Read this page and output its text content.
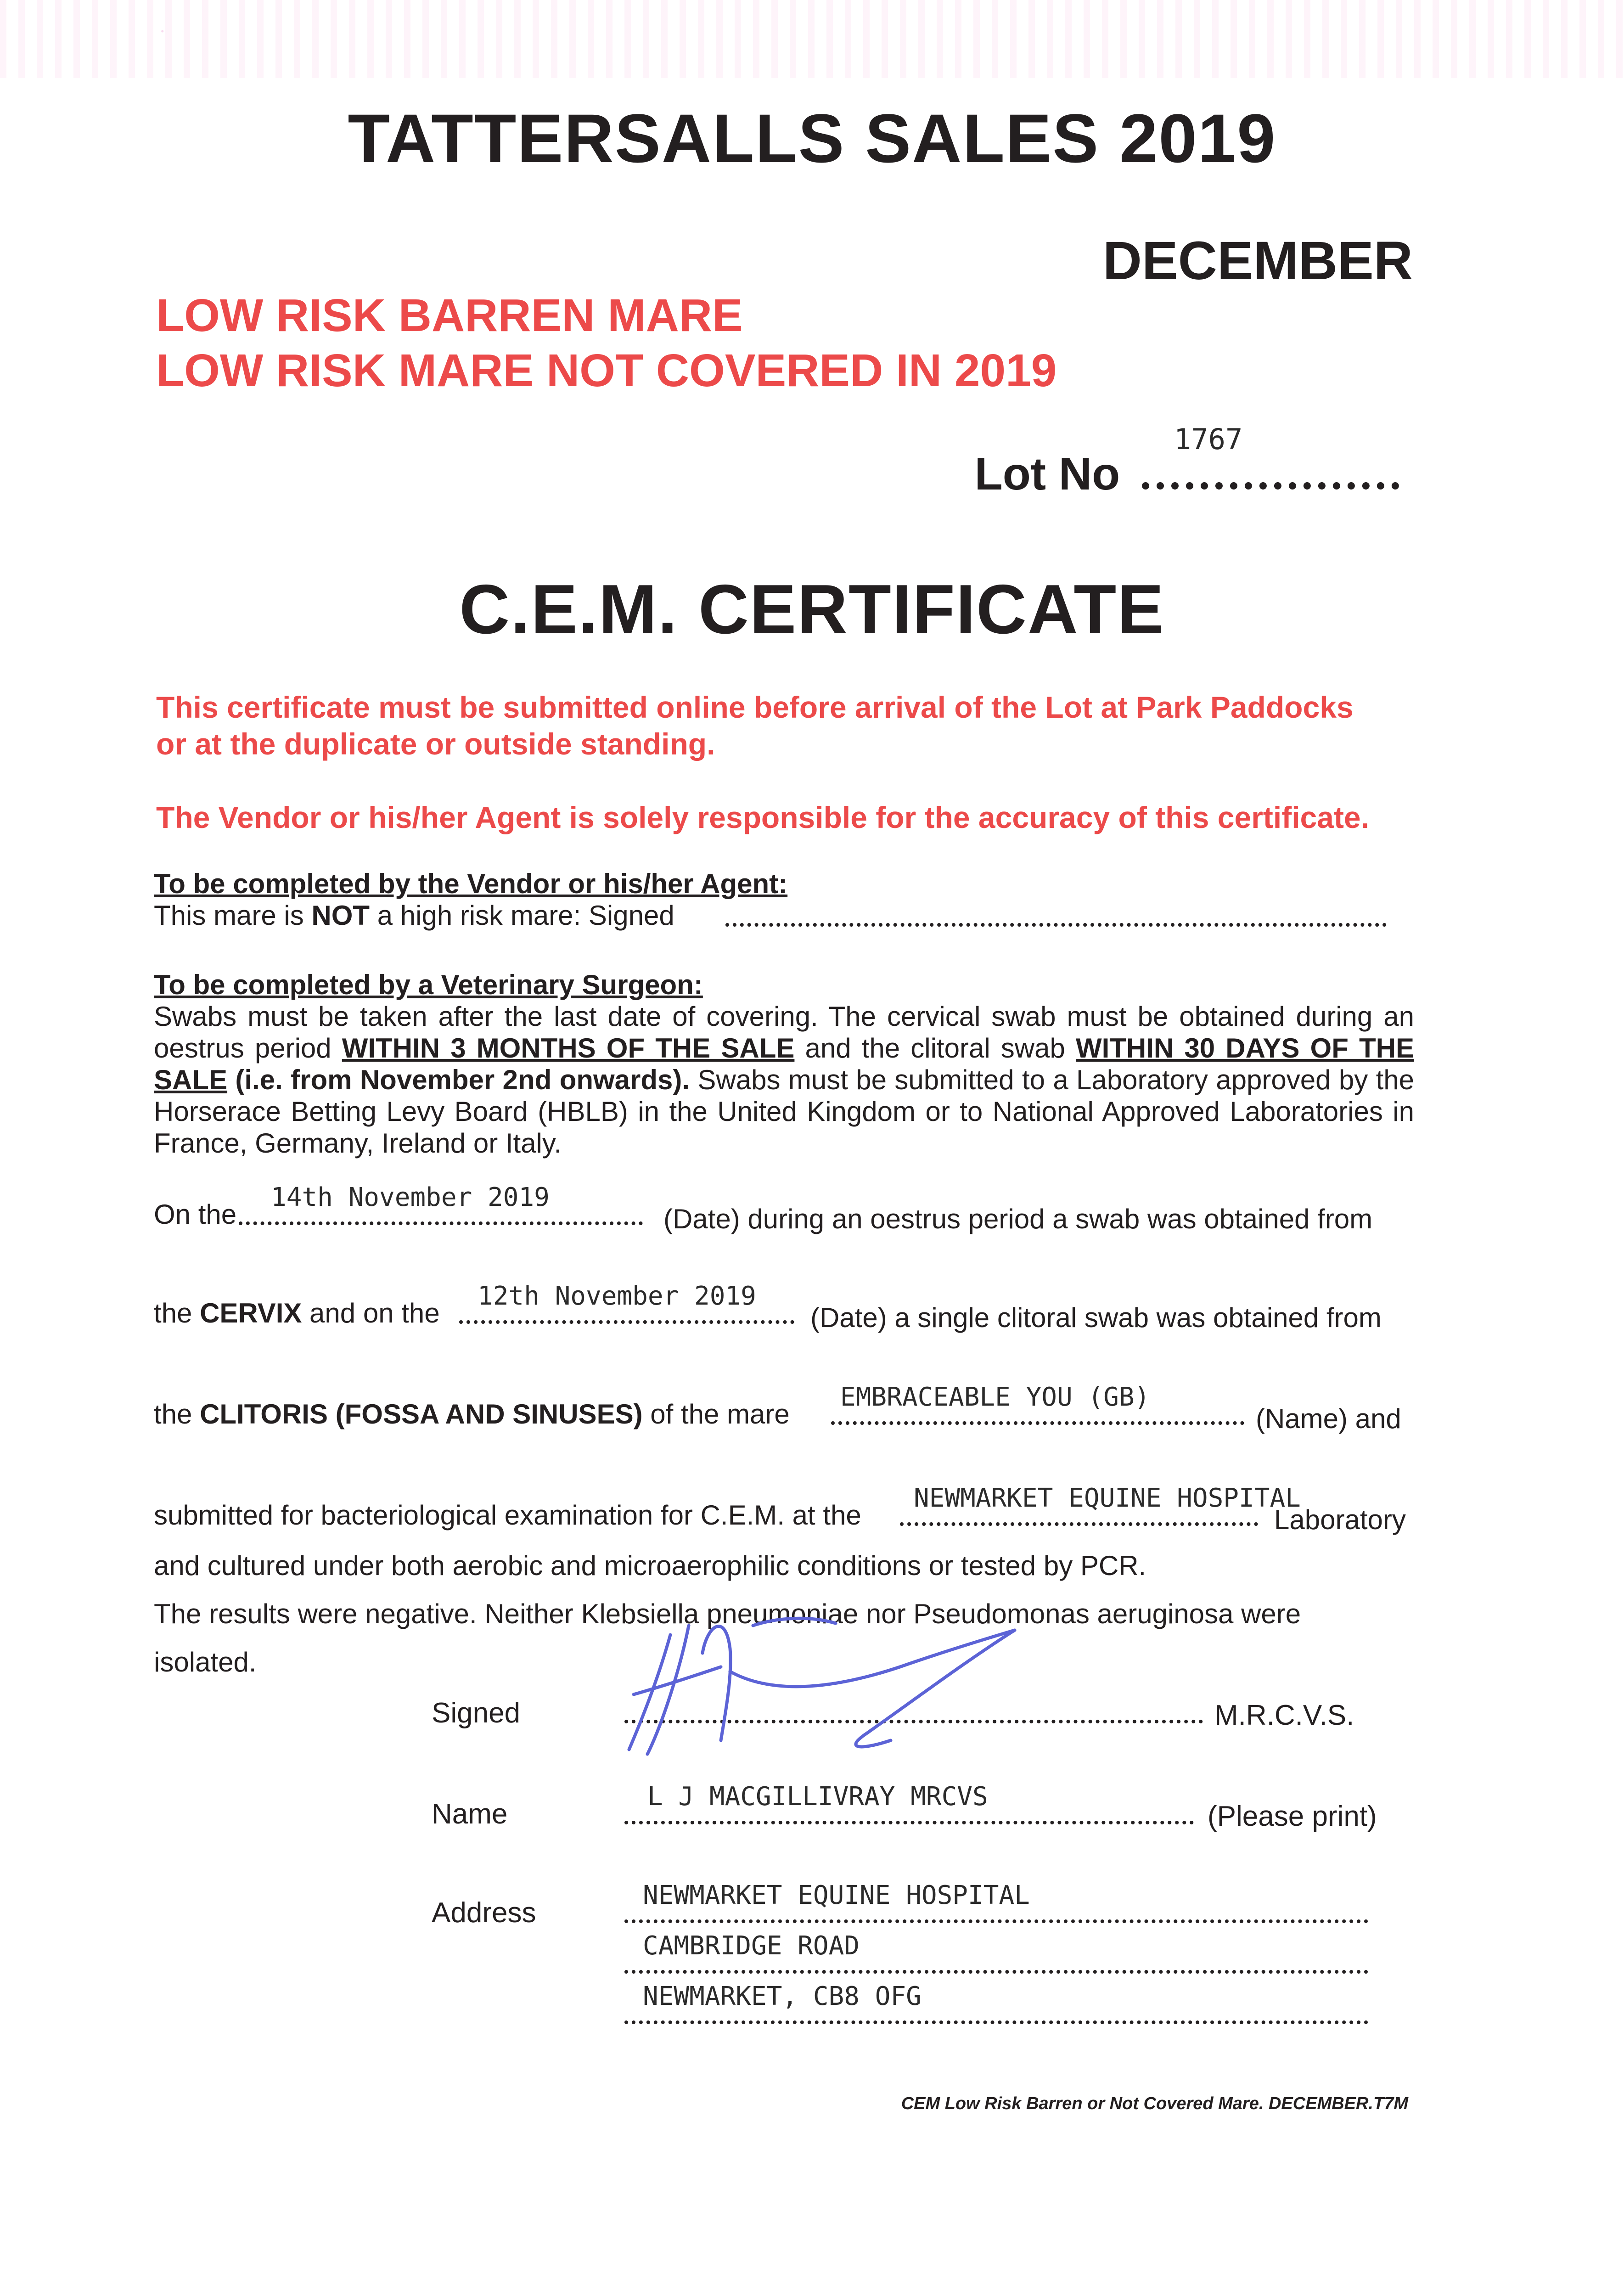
TATTERSALLS SALES 2019
DECEMBER
LOW RISK BARREN MARE
LOW RISK MARE NOT COVERED IN 2019
Lot No
1767
C.E.M. CERTIFICATE
This certificate must be submitted online before arrival of the Lot at Park Paddocks
or at the duplicate or outside standing.
The Vendor or his/her Agent is solely responsible for the accuracy of this certificate.
To be completed by the Vendor or his/her Agent:
This mare is NOT a high risk mare: Signed
To be completed by a Veterinary Surgeon:
Swabs must be taken after the last date of covering. The cervical swab must be obtained during an oestrus period WITHIN 3 MONTHS OF THE SALE and the clitoral swab WITHIN 30 DAYS OF THE SALE (i.e. from November 2nd onwards). Swabs must be submitted to a Laboratory approved by the Horserace Betting Levy Board (HBLB) in the United Kingdom or to National Approved Laboratories in France, Germany, Ireland or Italy.
On the
14th November 2019
(Date) during an oestrus period a swab was obtained from
the CERVIX and on the
12th November 2019
(Date) a single clitoral swab was obtained from
the CLITORIS (FOSSA AND SINUSES) of the mare
EMBRACEABLE YOU (GB)
(Name) and
submitted for bacteriological examination for C.E.M. at the
NEWMARKET EQUINE HOSPITAL
Laboratory
and cultured under both aerobic and microaerophilic conditions or tested by PCR.
The results were negative. Neither Klebsiella pneumoniae nor Pseudomonas aeruginosa were
isolated.
Signed	M.R.C.V.S.
Name
L J MACGILLIVRAY MRCVS
(Please print)
Address
NEWMARKET EQUINE HOSPITAL
CAMBRIDGE ROAD
NEWMARKET, CB8 OFG
CEM Low Risk Barren or Not Covered Mare. DECEMBER.T7M
